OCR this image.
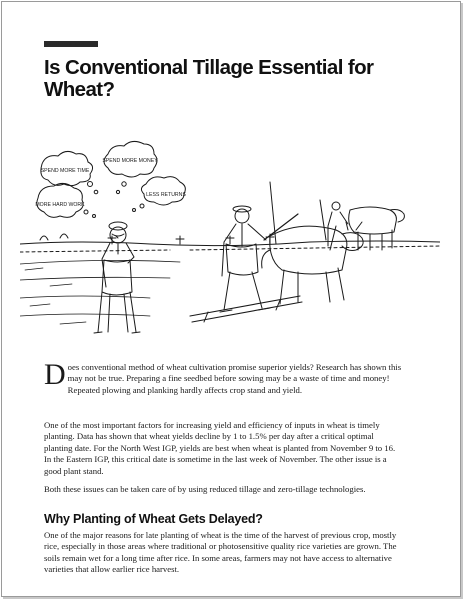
TILLAGE PRACTICES
Is Conventional Tillage Essential for Wheat?
SPEND MORE TIME
SPEND MORE MONEY
MORE HARD WORK
LESS RETURNS

Does conventional method of wheat cultivation promise superior yields? Research has shown this may not be true. Preparing a fine seedbed before sowing may be a waste of time and money! Repeated plowing and planking hardly affects crop stand and yield.

One of the most important factors for increasing yield and efficiency of inputs in wheat is timely planting. Data has shown that wheat yields decline by 1 to 1.5% per day after a critical optimal planting date. For the North West IGP, yields are best when wheat is planted from November 9 to 16. In the Eastern IGP, this critical date is sometime in the last week of November. The other issue is a good plant stand.

Both these issues can be taken care of by using reduced tillage and zero-tillage technologies.

Why Planting of Wheat Gets Delayed?

One of the major reasons for late planting of wheat is the time of the harvest of previous crop, mostly rice, especially in those areas where traditional or photosensitive quality rice varieties are grown. The soils remain wet for a long time after rice. In some areas, farmers may not have access to alternative varieties that allow earlier rice harvest.
